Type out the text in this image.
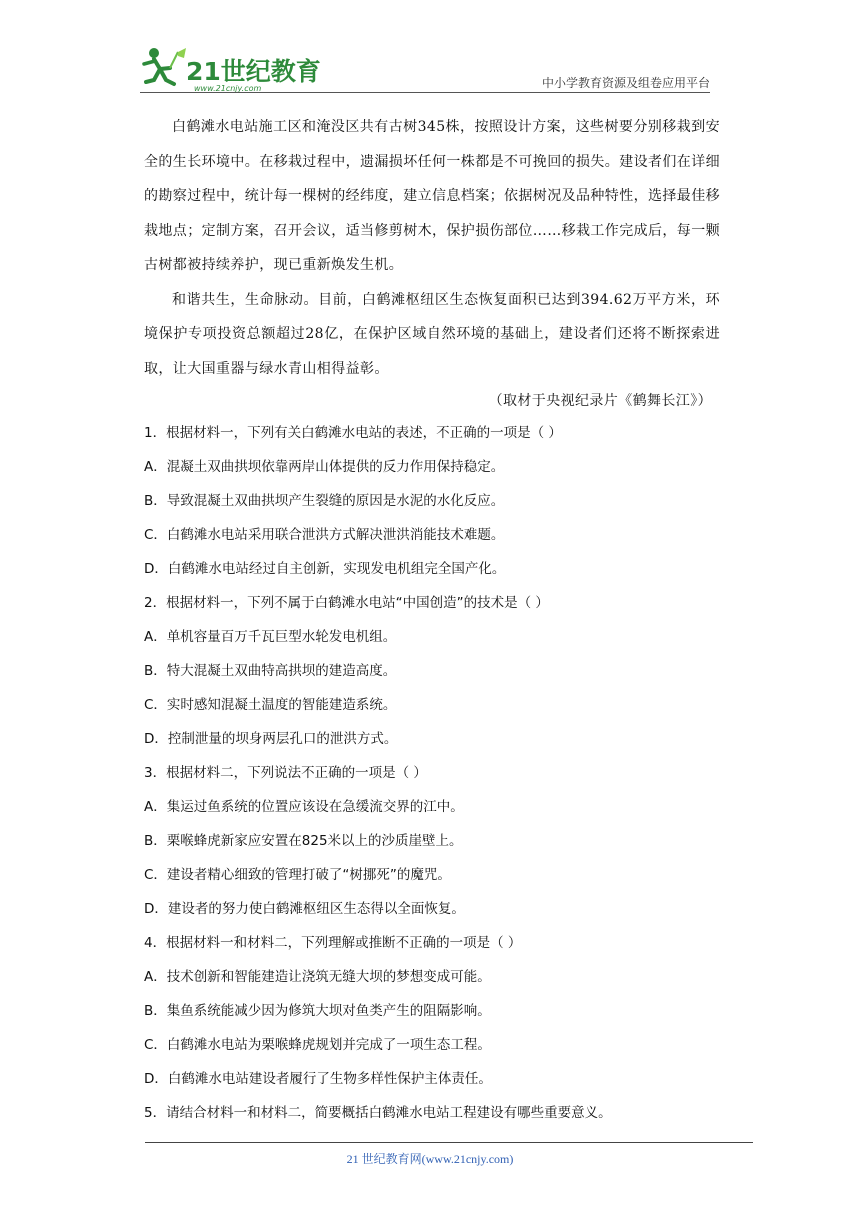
21世纪教育
www.21cnjy.com	中小学教育资源及组卷应用平台

白鹤滩水电站施工区和淹没区共有古树345株，按照设计方案，这些树要分别移栽到安全的生长环境中。在移栽过程中，遗漏损坏任何一株都是不可挽回的损失。建设者们在详细的勘察过程中，统计每一棵树的经纬度，建立信息档案；依据树况及品种特性，选择最佳移栽地点；定制方案，召开会议，适当修剪树木，保护损伤部位……移栽工作完成后，每一颗古树都被持续养护，现已重新焕发生机。

和谐共生，生命脉动。目前，白鹤滩枢纽区生态恢复面积已达到394.62万平方米，环境保护专项投资总额超过28亿，在保护区域自然环境的基础上，建设者们还将不断探索进取，让大国重器与绿水青山相得益彰。

（取材于央视纪录片《鹤舞长江》）

1．根据材料一，下列有关白鹤滩水电站的表述，不正确的一项是（ ）

A．混凝土双曲拱坝依靠两岸山体提供的反力作用保持稳定。

B．导致混凝土双曲拱坝产生裂缝的原因是水泥的水化反应。

C．白鹤滩水电站采用联合泄洪方式解决泄洪消能技术难题。

D．白鹤滩水电站经过自主创新，实现发电机组完全国产化。

2．根据材料一，下列不属于白鹤滩水电站“中国创造”的技术是（ ）

A．单机容量百万千瓦巨型水轮发电机组。

B．特大混凝土双曲特高拱坝的建造高度。

C．实时感知混凝土温度的智能建造系统。

D．控制泄量的坝身两层孔口的泄洪方式。

3．根据材料二，下列说法不正确的一项是（ ）

A．集运过鱼系统的位置应该设在急缓流交界的江中。

B．栗喉蜂虎新家应安置在825米以上的沙质崖壁上。

C．建设者精心细致的管理打破了“树挪死”的魔咒。

D．建设者的努力使白鹤滩枢纽区生态得以全面恢复。

4．根据材料一和材料二，下列理解或推断不正确的一项是（ ）

A．技术创新和智能建造让浇筑无缝大坝的梦想变成可能。

B．集鱼系统能减少因为修筑大坝对鱼类产生的阻隔影响。

C．白鹤滩水电站为栗喉蜂虎规划并完成了一项生态工程。

D．白鹤滩水电站建设者履行了生物多样性保护主体责任。

5．请结合材料一和材料二，简要概括白鹤滩水电站工程建设有哪些重要意义。

21 世纪教育网(www.21cnjy.com)
